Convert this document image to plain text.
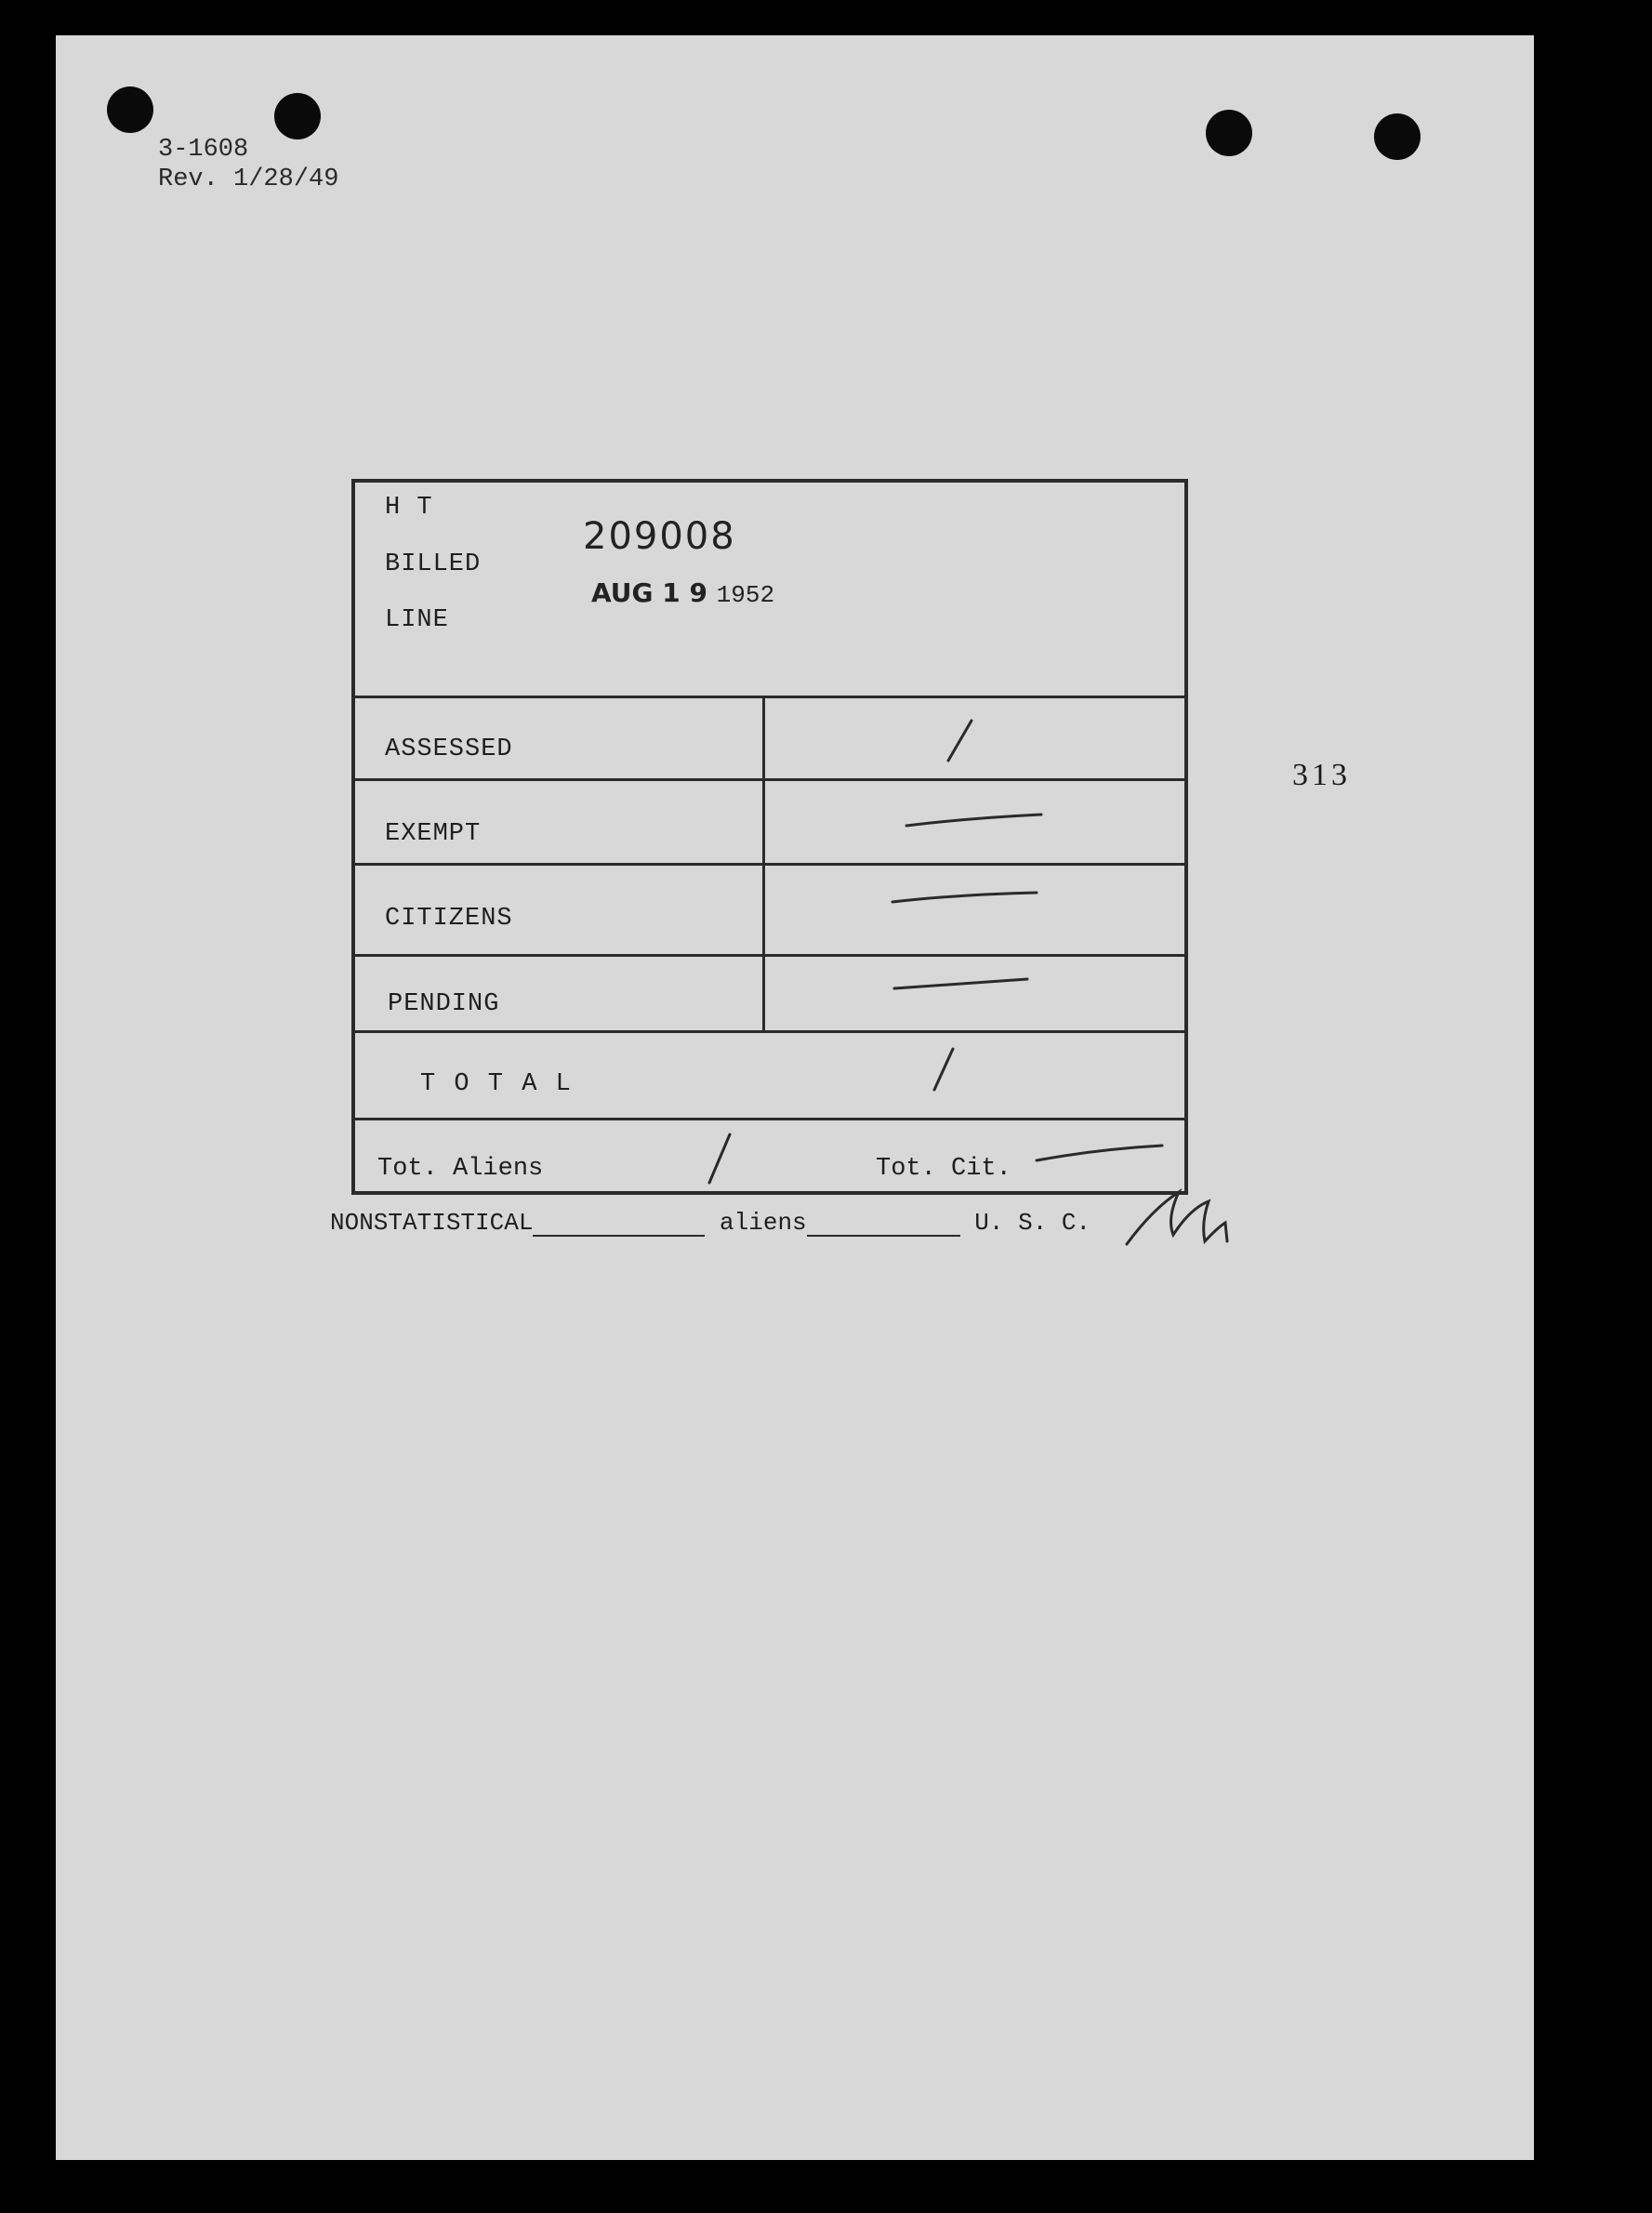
3-1608
Rev. 1/28/49
H T
BILLED
LINE
209008
AUG 1 9 1952
ASSESSED
EXEMPT
CITIZENS
PENDING
T O T A L
Tot. Aliens	Tot. Cit.
313
NONSTATISTICAL	aliens	U. S. C.
